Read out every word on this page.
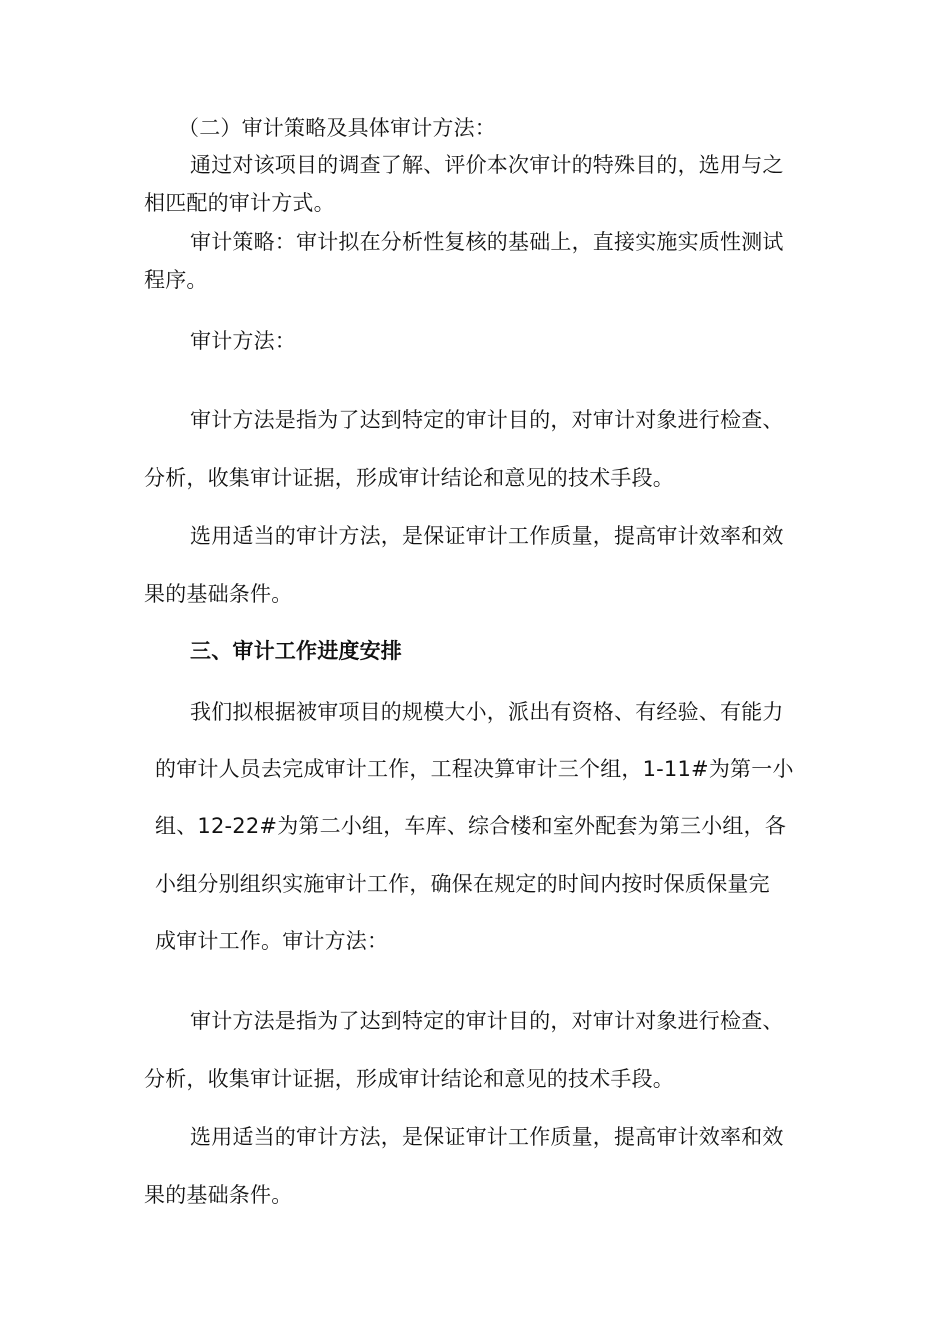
（二）审计策略及具体审计方法：

通过对该项目的调查了解、评价本次审计的特殊目的，选用与之

相匹配的审计方式。

审计策略：审计拟在分析性复核的基础上，直接实施实质性测试

程序。

审计方法：

审计方法是指为了达到特定的审计目的，对审计对象进行检查、

分析，收集审计证据，形成审计结论和意见的技术手段。

选用适当的审计方法，是保证审计工作质量，提高审计效率和效

果的基础条件。

三、审计工作进度安排

我们拟根据被审项目的规模大小，派出有资格、有经验、有能力

的审计人员去完成审计工作，工程决算审计三个组，1-11#为第一小

组、12-22#为第二小组，车库、综合楼和室外配套为第三小组，各

小组分别组织实施审计工作，确保在规定的时间内按时保质保量完

成审计工作。审计方法：

审计方法是指为了达到特定的审计目的，对审计对象进行检查、

分析，收集审计证据，形成审计结论和意见的技术手段。

选用适当的审计方法，是保证审计工作质量，提高审计效率和效

果的基础条件。
